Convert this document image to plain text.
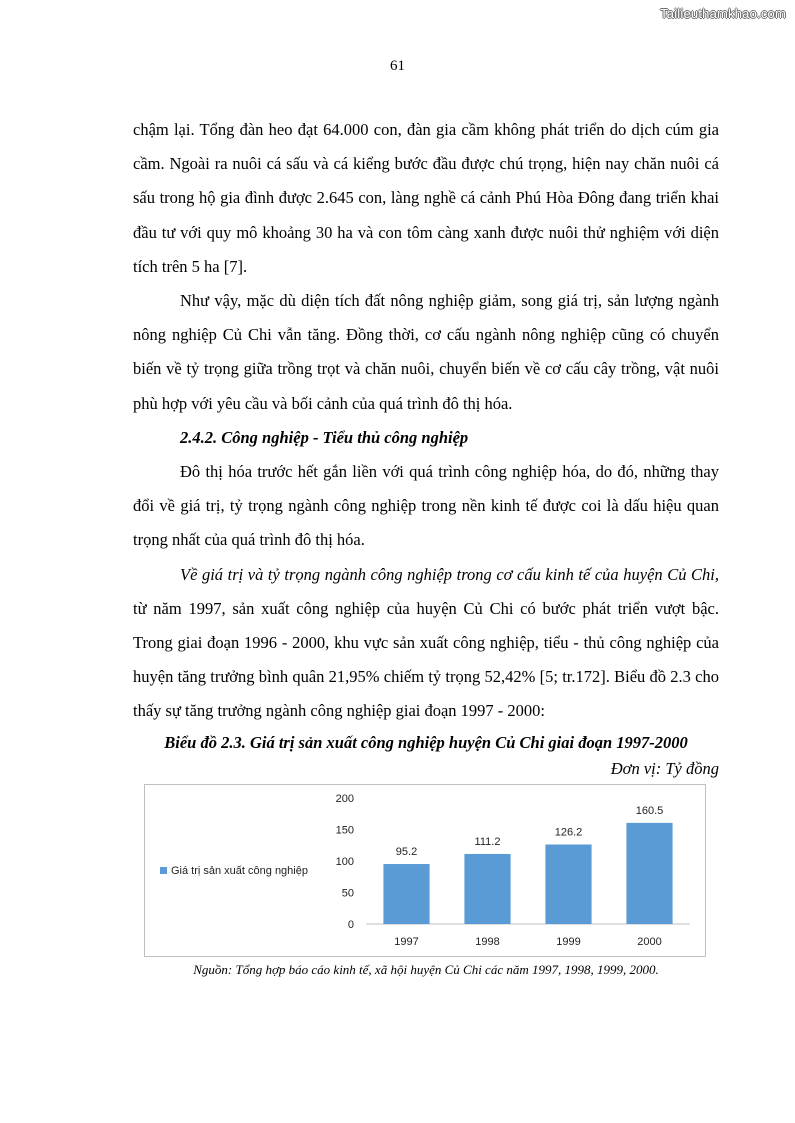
Tailieuthamkhao.com
61

chậm lại. Tổng đàn heo đạt 64.000 con, đàn gia cầm không phát triển do dịch cúm gia cầm. Ngoài ra nuôi cá sấu và cá kiểng bước đầu được chú trọng, hiện nay chăn nuôi cá sấu trong hộ gia đình được 2.645 con, làng nghề cá cảnh Phú Hòa Đông đang triển khai đầu tư với quy mô khoảng 30 ha và con tôm càng xanh được nuôi thử nghiệm với diện tích trên 5 ha [7].

Như vậy, mặc dù diện tích đất nông nghiệp giảm, song giá trị, sản lượng ngành nông nghiệp Củ Chi vẫn tăng. Đồng thời, cơ cấu ngành nông nghiệp cũng có chuyển biến về tỷ trọng giữa trồng trọt và chăn nuôi, chuyển biến về cơ cấu cây trồng, vật nuôi phù hợp với yêu cầu và bối cảnh của quá trình đô thị hóa.

2.4.2. Công nghiệp - Tiểu thủ công nghiệp

Đô thị hóa trước hết gắn liền với quá trình công nghiệp hóa, do đó, những thay đổi về giá trị, tỷ trọng ngành công nghiệp trong nền kinh tế được coi là dấu hiệu quan trọng nhất của quá trình đô thị hóa.

Về giá trị và tỷ trọng ngành công nghiệp trong cơ cấu kinh tế của huyện Củ Chi, từ năm 1997, sản xuất công nghiệp của huyện Củ Chi có bước phát triển vượt bậc. Trong giai đoạn 1996 - 2000, khu vực sản xuất công nghiệp, tiểu - thủ công nghiệp của huyện tăng trưởng bình quân 21,95% chiếm tỷ trọng 52,42% [5; tr.172]. Biểu đồ 2.3 cho thấy sự tăng trưởng ngành công nghiệp giai đoạn 1997 - 2000:

Biểu đồ 2.3. Giá trị sản xuất công nghiệp huyện Củ Chi giai đoạn 1997-2000
Đơn vị: Tỷ đồng
0
50
100
150
200
95.2
1997
111.2
1998
126.2
1999
160.5
2000
Giá trị sản xuất công nghiệp
Nguồn: Tổng hợp báo cáo kinh tế, xã hội huyện Củ Chi các năm 1997, 1998, 1999, 2000.
